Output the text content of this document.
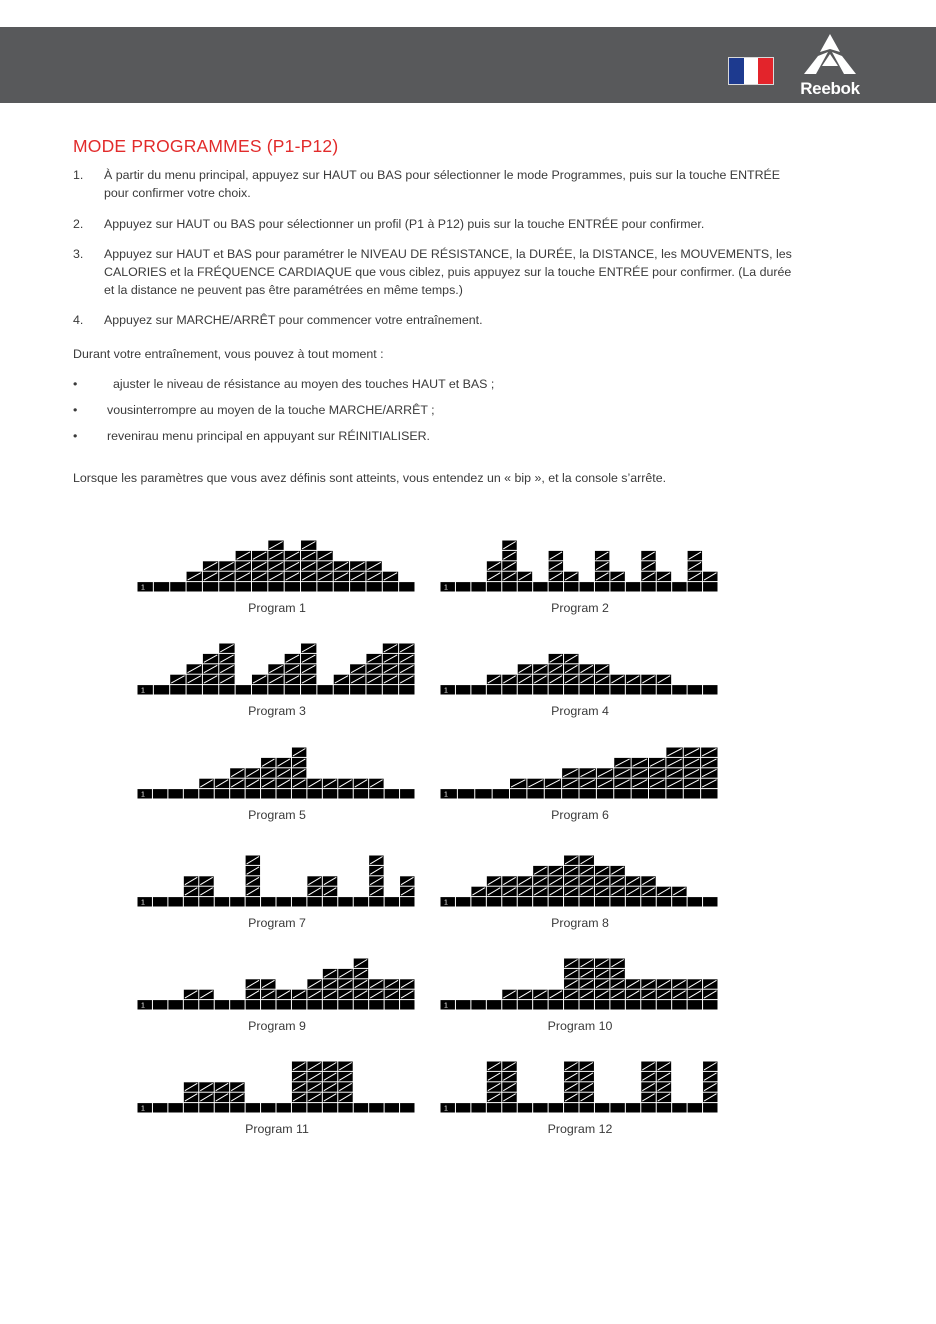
Reebok
MODE PROGRAMMES (P1-P12)
1. À partir du menu principal, appuyez sur HAUT ou BAS pour sélectionner le mode Programmes, puis sur la touche ENTRÉE pour confirmer votre choix.
2. Appuyez sur HAUT ou BAS pour sélectionner un profil (P1 à P12) puis sur la touche ENTRÉE pour confirmer.
3. Appuyez sur HAUT et BAS pour paramétrer le NIVEAU DE RÉSISTANCE, la DURÉE, la DISTANCE, les MOUVEMENTS, les CALORIES et la FRÉQUENCE CARDIAQUE que vous ciblez, puis appuyez sur la touche ENTRÉE pour confirmer. (La durée et la distance ne peuvent pas être paramétrées en même temps.)
4. Appuyez sur MARCHE/ARRÊT pour commencer votre entraînement.
Durant votre entraînement, vous pouvez à tout moment :
•	ajuster le niveau de résistance au moyen des touches HAUT et BAS ;
• vousinterrompre au moyen de la touche MARCHE/ARRÊT ;
• revenirau menu principal en appuyant sur RÉINITIALISER.
Lorsque les paramètres que vous avez définis sont atteints, vous entendez un « bip », et la console s’arrête.
1
Program 1
1
Program 2
1
Program 3
1
Program 4
1
Program 5
1
Program 6
1
Program 7
1
Program 8
1
Program 9
1
Program 10
1
Program 11
1
Program 12
